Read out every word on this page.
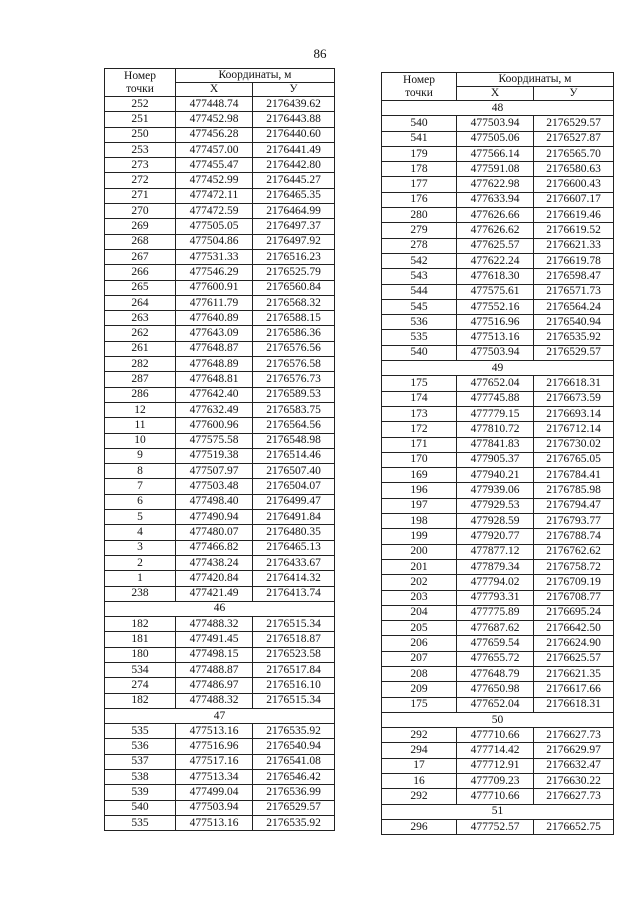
86
Номер
точки	Координаты, м	
	X	У
252	477448.74	2176439.62
251	477452.98	2176443.88
250	477456.28	2176440.60
253	477457.00	2176441.49
273	477455.47	2176442.80
272	477452.99	2176445.27
271	477472.11	2176465.35
270	477472.59	2176464.99
269	477505.05	2176497.37
268	477504.86	2176497.92
267	477531.33	2176516.23
266	477546.29	2176525.79
265	477600.91	2176560.84
264	477611.79	2176568.32
263	477640.89	2176588.15
262	477643.09	2176586.36
261	477648.87	2176576.56
282	477648.89	2176576.58
287	477648.81	2176576.73
286	477642.40	2176589.53
12	477632.49	2176583.75
11	477600.96	2176564.56
10	477575.58	2176548.98
9	477519.38	2176514.46
8	477507.97	2176507.40
7	477503.48	2176504.07
6	477498.40	2176499.47
5	477490.94	2176491.84
4	477480.07	2176480.35
3	477466.82	2176465.13
2	477438.24	2176433.67
1	477420.84	2176414.32
238	477421.49	2176413.74
46		
182	477488.32	2176515.34
181	477491.45	2176518.87
180	477498.15	2176523.58
534	477488.87	2176517.84
274	477486.97	2176516.10
182	477488.32	2176515.34
47		
535	477513.16	2176535.92
536	477516.96	2176540.94
537	477517.16	2176541.08
538	477513.34	2176546.42
539	477499.04	2176536.99
540	477503.94	2176529.57
535	477513.16	2176535.92
Номер
точки	Координаты, м	
	X	У
48		
540	477503.94	2176529.57
541	477505.06	2176527.87
179	477566.14	2176565.70
178	477591.08	2176580.63
177	477622.98	2176600.43
176	477633.94	2176607.17
280	477626.66	2176619.46
279	477626.62	2176619.52
278	477625.57	2176621.33
542	477622.24	2176619.78
543	477618.30	2176598.47
544	477575.61	2176571.73
545	477552.16	2176564.24
536	477516.96	2176540.94
535	477513.16	2176535.92
540	477503.94	2176529.57
49		
175	477652.04	2176618.31
174	477745.88	2176673.59
173	477779.15	2176693.14
172	477810.72	2176712.14
171	477841.83	2176730.02
170	477905.37	2176765.05
169	477940.21	2176784.41
196	477939.06	2176785.98
197	477929.53	2176794.47
198	477928.59	2176793.77
199	477920.77	2176788.74
200	477877.12	2176762.62
201	477879.34	2176758.72
202	477794.02	2176709.19
203	477793.31	2176708.77
204	477775.89	2176695.24
205	477687.62	2176642.50
206	477659.54	2176624.90
207	477655.72	2176625.57
208	477648.79	2176621.35
209	477650.98	2176617.66
175	477652.04	2176618.31
50		
292	477710.66	2176627.73
294	477714.42	2176629.97
17	477712.91	2176632.47
16	477709.23	2176630.22
292	477710.66	2176627.73
51		
296	477752.57	2176652.75
